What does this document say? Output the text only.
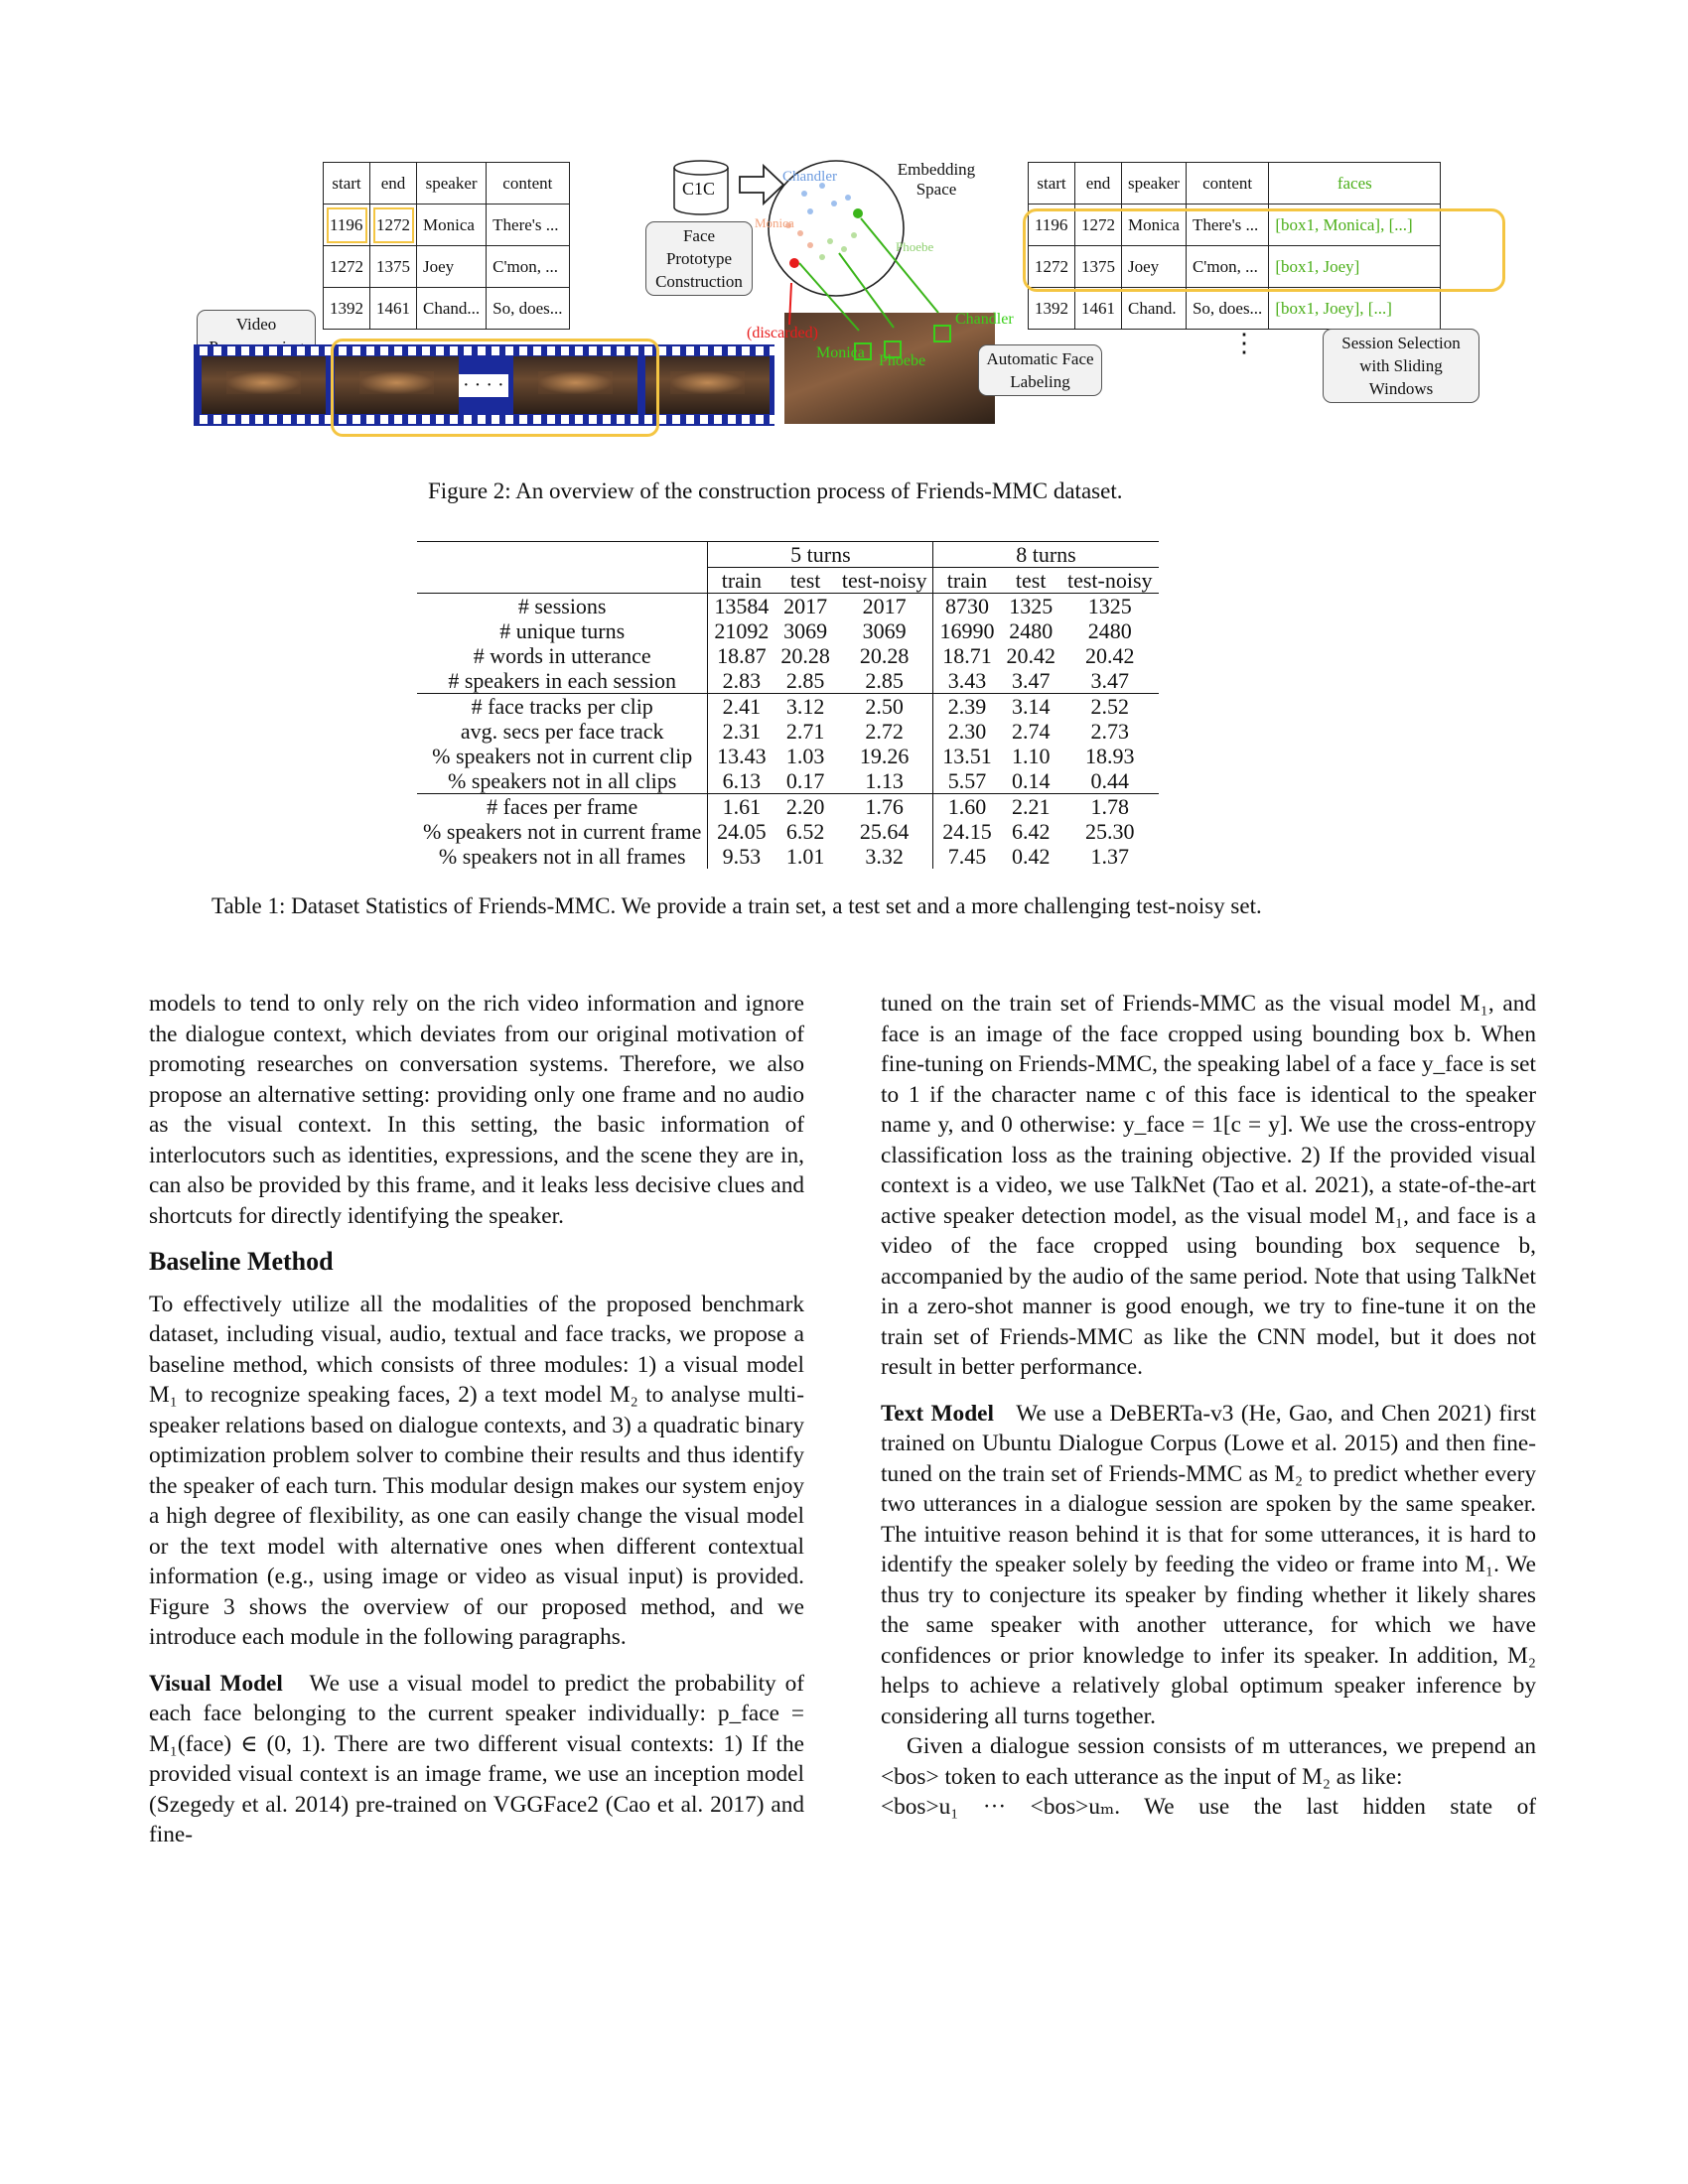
start	end	speaker	content
1196	1272	Monica	There's ...
1272	1375	Joey	C'mon, ...
1392	1461	Chand...	So, does...
Video
· · · ·
C1C
Face Prototype Construction
Chandler
Monica
Phoebe
Embedding Space
(discarded)
Monica Phoebe
Chandler
Automatic Face Labeling
start	end	speaker	content	faces
1196	1272	Monica	There's ...	[box1, Monica], [...]
1272	1375	Joey	C'mon, ...	[box1, Joey]
1392	1461	Chand.	So, does...	[box1, Joey], [...]
⋮	Session Selection with Sliding Windows
Figure 2: An overview of the construction process of Friends-MMC dataset.
	5 turns			8 turns		
	train	test	test-noisy	train	test	test-noisy
# sessions	13584	2017	2017	8730	1325	1325
# unique turns	21092	3069	3069	16990	2480	2480
# words in utterance	18.87	20.28	20.28	18.71	20.42	20.42
# speakers in each session	2.83	2.85	2.85	3.43	3.47	3.47
# face tracks per clip	2.41	3.12	2.50	2.39	3.14	2.52
avg. secs per face track	2.31	2.71	2.72	2.30	2.74	2.73
% speakers not in current clip	13.43	1.03	19.26	13.51	1.10	18.93
% speakers not in all clips	6.13	0.17	1.13	5.57	0.14	0.44
# faces per frame	1.61	2.20	1.76	1.60	2.21	1.78
% speakers not in current frame	24.05	6.52	25.64	24.15	6.42	25.30
% speakers not in all frames	9.53	1.01	3.32	7.45	0.42	1.37
Table 1: Dataset Statistics of Friends-MMC. We provide a train set, a test set and a more challenging test-noisy set.

models to tend to only rely on the rich video information and ignore the dialogue context, which deviates from our original motivation of promoting researches on conversation systems. Therefore, we also propose an alternative setting: providing only one frame and no audio as the visual context. In this setting, the basic information of interlocutors such as identities, expressions, and the scene they are in, can also be provided by this frame, and it leaks less decisive clues and shortcuts for directly identifying the speaker.

Baseline Method

To effectively utilize all the modalities of the proposed benchmark dataset, including visual, audio, textual and face tracks, we propose a baseline method, which consists of three modules: 1) a visual model M₁ to recognize speaking faces, 2) a text model M₂ to analyse multi-speaker relations based on dialogue contexts, and 3) a quadratic binary optimization problem solver to combine their results and thus identify the speaker of each turn. This modular design makes our system enjoy a high degree of flexibility, as one can easily change the visual model or the text model with alternative ones when different contextual information (e.g., using image or video as visual input) is provided. Figure 3 shows the overview of our proposed method, and we introduce each module in the following paragraphs.

Visual Model We use a visual model to predict the probability of each face belonging to the current speaker individually: p_face = M₁(face) ∈ (0, 1). There are two different visual contexts: 1) If the provided visual context is an image frame, we use an inception model (Szegedy et al. 2014) pre-trained on VGGFace2 (Cao et al. 2017) and fine-

tuned on the train set of Friends-MMC as the visual model M₁, and face is an image of the face cropped using bounding box b. When fine-tuning on Friends-MMC, the speaking label of a face y_face is set to 1 if the character name c of this face is identical to the speaker name y, and 0 otherwise: y_face = 1[c = y]. We use the cross-entropy classification loss as the training objective. 2) If the provided visual context is a video, we use TalkNet (Tao et al. 2021), a state-of-the-art active speaker detection model, as the visual model M₁, and face is a video of the face cropped using bounding box sequence b, accompanied by the audio of the same period. Note that using TalkNet in a zero-shot manner is good enough, we try to fine-tune it on the train set of Friends-MMC as like the CNN model, but it does not result in better performance.

Text Model We use a DeBERTa-v3 (He, Gao, and Chen 2021) first trained on Ubuntu Dialogue Corpus (Lowe et al. 2015) and then fine-tuned on the train set of Friends-MMC as M₂ to predict whether every two utterances in a dialogue session are spoken by the same speaker. The intuitive reason behind it is that for some utterances, it is hard to identify the speaker solely by feeding the video or frame into M₁. We thus try to conjecture its speaker by finding whether it likely shares the same speaker with another utterance, for which we have confidences or prior knowledge to infer its speaker. In addition, M₂ helps to achieve a relatively global optimum speaker inference by considering all turns together.

Given a dialogue session consists of m utterances, we prepend an <bos> token to each utterance as the input of M₂ as like:

<bos>u₁ ··· <bos>uₘ. We use the last hidden state of
